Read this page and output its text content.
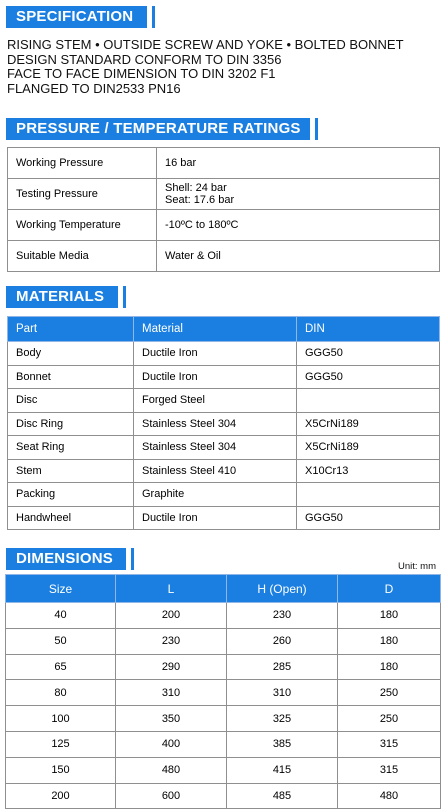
SPECIFICATION
RISING STEM • OUTSIDE SCREW AND YOKE • BOLTED BONNET
DESIGN STANDARD CONFORM TO DIN 3356
FACE TO FACE DIMENSION TO DIN 3202 F1
FLANGED TO DIN2533 PN16
PRESSURE / TEMPERATURE RATINGS
Working Pressure	16 bar
Testing Pressure	Shell: 24 bar
Seat: 17.6 bar

Working Temperature	-10ºC to 180ºC
Suitable Media	Water & Oil
MATERIALS
Part	Material	DIN
Body	Ductile Iron	GGG50
Bonnet	Ductile Iron	GGG50
Disc	Forged Steel	
Disc Ring	Stainless Steel 304	X5CrNi189
Seat Ring	Stainless Steel 304	X5CrNi189
Stem	Stainless Steel 410	X10Cr13
Packing	Graphite	
Handwheel	Ductile Iron	GGG50
DIMENSIONS	Unit: mm
Size	L	H (Open)	D
40	200	230	180
50	230	260	180
65	290	285	180
80	310	310	250
100	350	325	250
125	400	385	315
150	480	415	315
200	600	485	480
